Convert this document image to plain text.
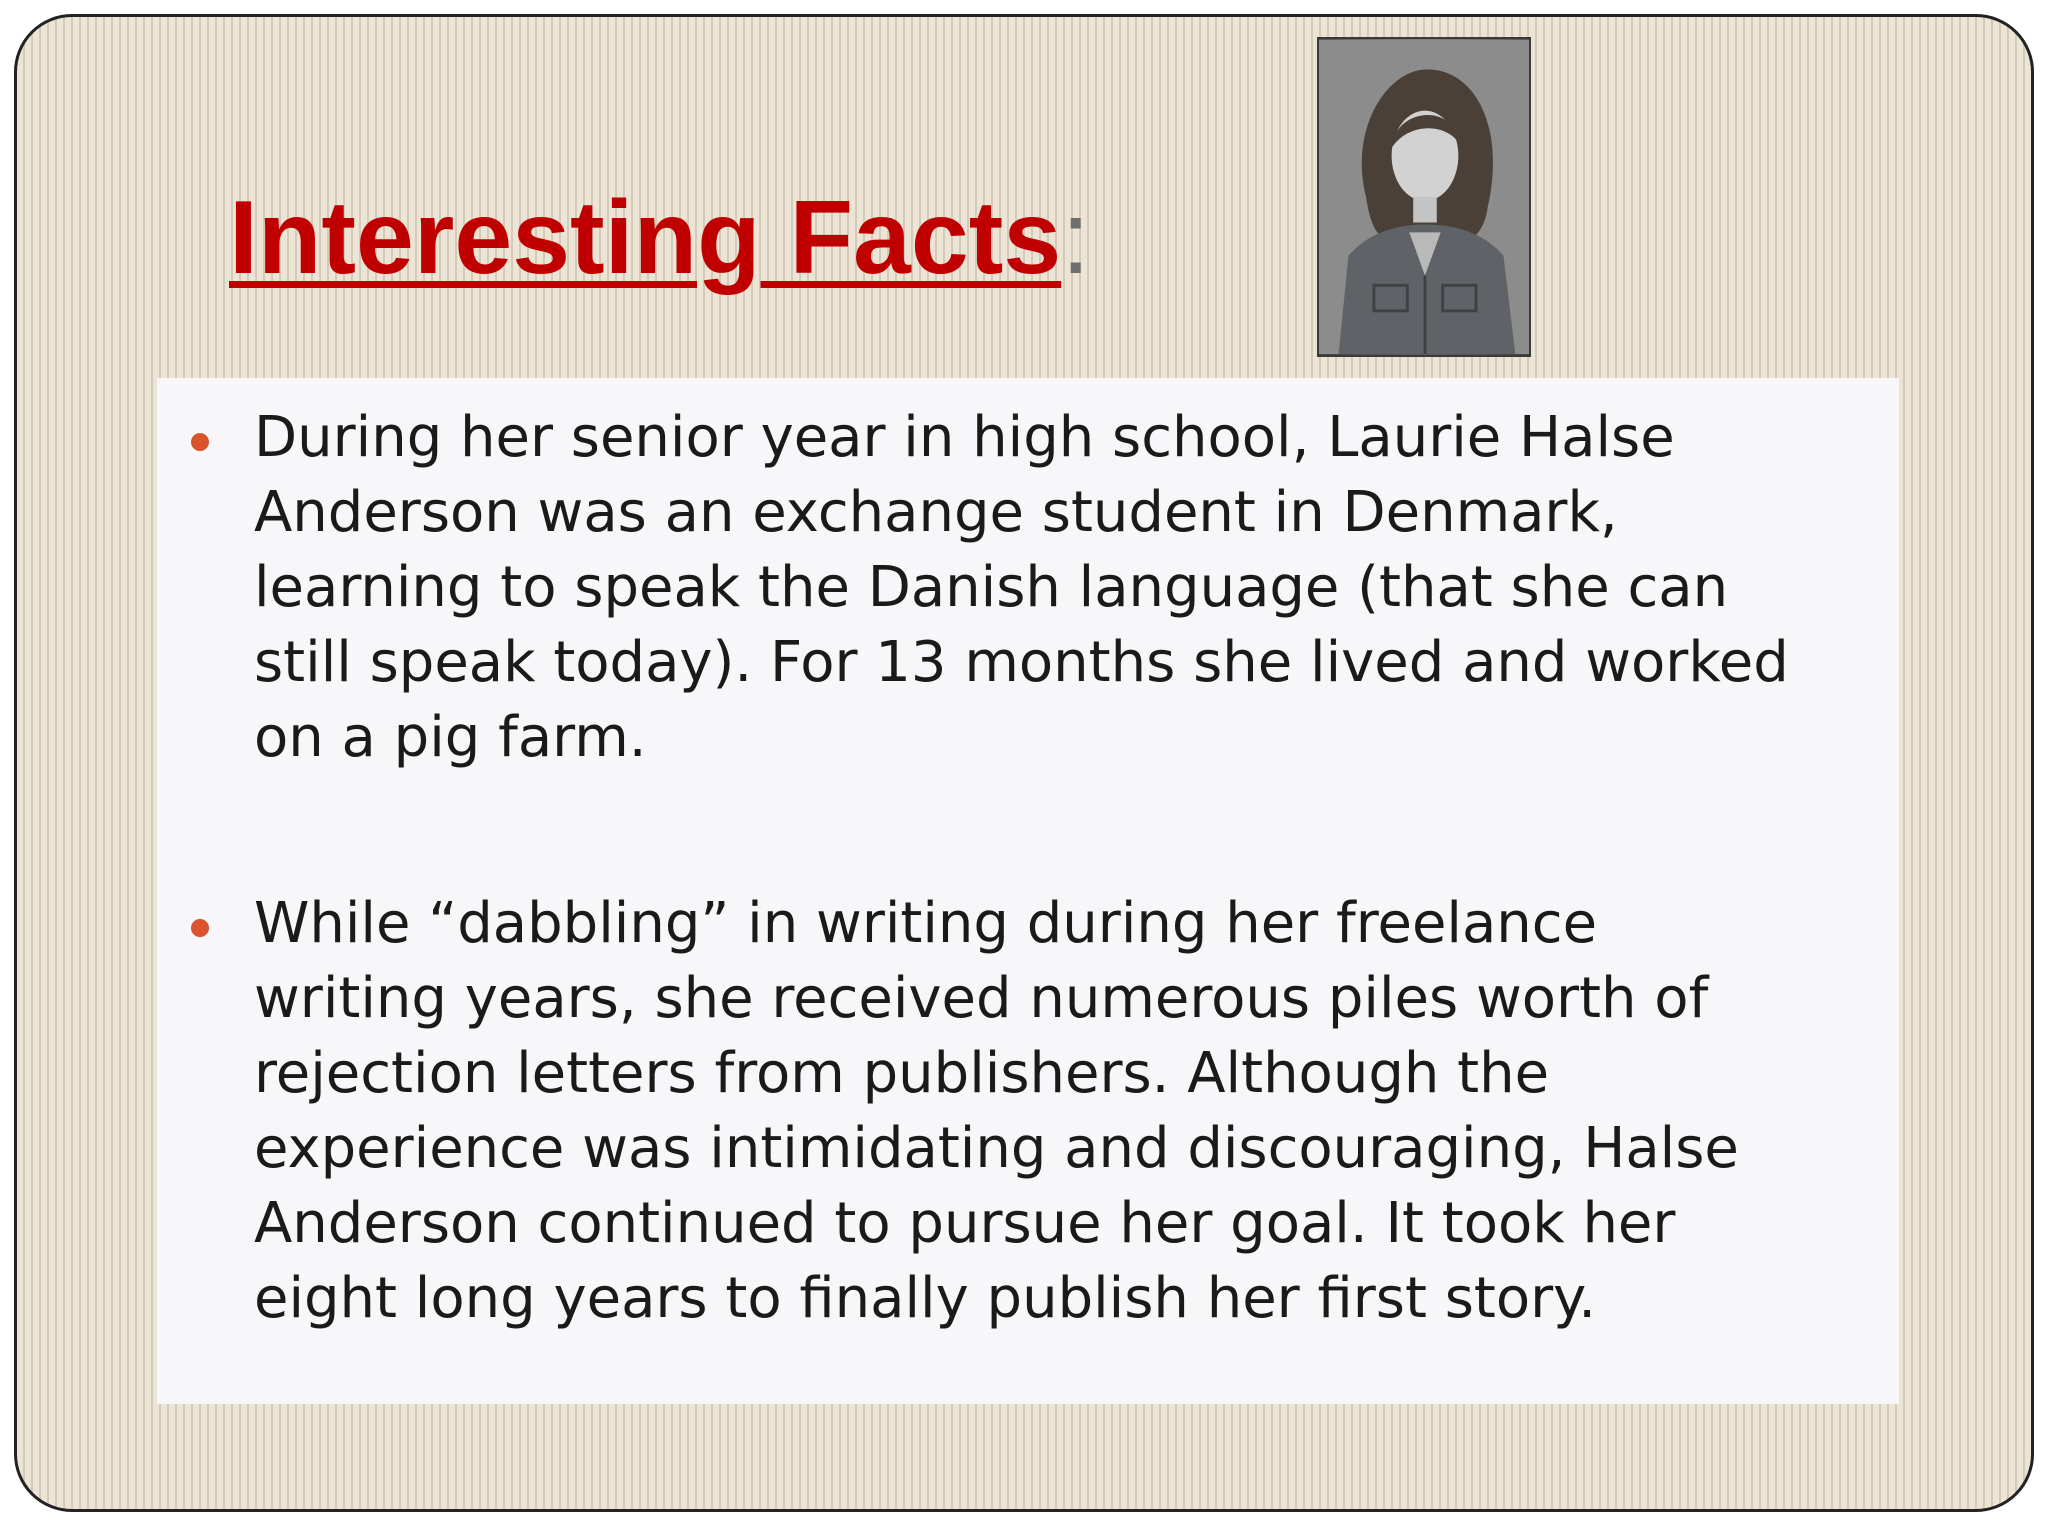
Interesting Facts:

During her senior year in high school, Laurie Halse
Anderson was an exchange student in Denmark,
learning to speak the Danish language (that she can
still speak today). For 13 months she lived and worked
on a pig farm.

While “dabbling” in writing during her freelance
writing years, she received numerous piles worth of
rejection letters from publishers. Although the
experience was intimidating and discouraging, Halse
Anderson continued to pursue her goal. It took her
eight long years to finally publish her first story.
